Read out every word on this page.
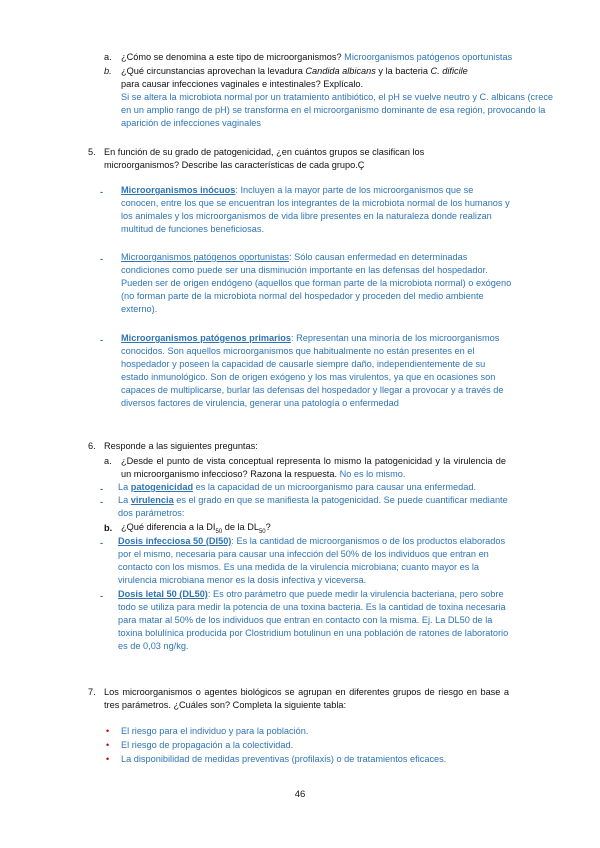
a. ¿Cómo se denomina a este tipo de microorganismos? Microorganismos patógenos oportunistas
b. ¿Qué circunstancias aprovechan la levadura Candida albicans y la bacteria C. dificile
para causar infecciones vaginales e intestinales? Explícalo.
Si se altera la microbiota normal por un tratamiento antibiótico, el pH se vuelve neutro y C. albicans (crece en un amplio rango de pH) se transforma en el microorganismo dominante de esa región, provocando la aparición de infecciones vaginales
5. En función de su grado de patogenicidad, ¿en cuántos grupos se clasifican los microorganismos? Describe las características de cada grupo.Ç
- Microorganismos inócuos: Incluyen a la mayor parte de los microorganismos que se conocen, entre los que se encuentran los integrantes de la microbiota normal de los humanos y los animales y los microorganismos de vida libre presentes en la naturaleza donde realizan multitud de funciones beneficiosas.
- Microorganismos patógenos oportunistas: Sólo causan enfermedad en determinadas condiciones como puede ser una disminución importante en las defensas del hospedador. Pueden ser de origen endógeno (aquellos que forman parte de la microbiota normal) o exógeno (no forman parte de la microbiota normal del hospedador y proceden del medio ambiente externo).
- Microorganismos patógenos primarios: Representan una minoría de los microorganismos conocidos. Son aquellos microorganismos que habitualmente no están presentes en el hospedador y poseen la capacidad de causarle siempre daño, independientemente de su estado inmunológico. Son de origen exógeno y los mas virulentos, ya que en ocasiones son capaces de multiplicarse, burlar las defensas del hospedador y llegar a provocar y a través de diversos factores de virulencia, generar una patología o enfermedad
6. Responde a las siguientes preguntas:
a. ¿Desde el punto de vista conceptual representa lo mismo la patogenicidad y la virulencia de un microorganismo infeccioso? Razona la respuesta. No es lo mismo.
- La patogenicidad es la capacidad de un microorganismo para causar una enfermedad.
- La virulencia es el grado en que se manifiesta la patogenicidad. Se puede cuantificar mediante dos parámetros:
b. ¿Qué diferencia a la $DI_{50}$ de la $DL_{50}$?
- Dosis infecciosa 50 (DI50): Es la cantidad de microorganismos o de los productos elaborados por el mismo, necesaria para causar una infección del 50% de los individuos que entran en contacto con los mismos. Es una medida de la virulencia microbiana; cuanto mayor es la virulencia microbiana menor es la dosis infectiva y viceversa.
- Dosis letal 50 (DL50): Es otro parámetro que puede medir la virulencia bacteriana, pero sobre todo se utiliza para medir la potencia de una toxina bacteria. Es la cantidad de toxina necesaria para matar al 50% de los individuos que entran en contacto con la misma. Ej. La DL50 de la toxina bolulínica producida por Clostridium botulinun en una población de ratones de laboratorio es de 0,03 ng/kg.
7. Los microorganismos o agentes biológicos se agrupan en diferentes grupos de riesgo en base a tres parámetros. ¿Cuáles son? Completa la siguiente tabla:
• El riesgo para el individuo y para la población.
• El riesgo de propagación a la colectividad.
• La disponibilidad de medidas preventivas (profilaxis) o de tratamientos eficaces.
46
